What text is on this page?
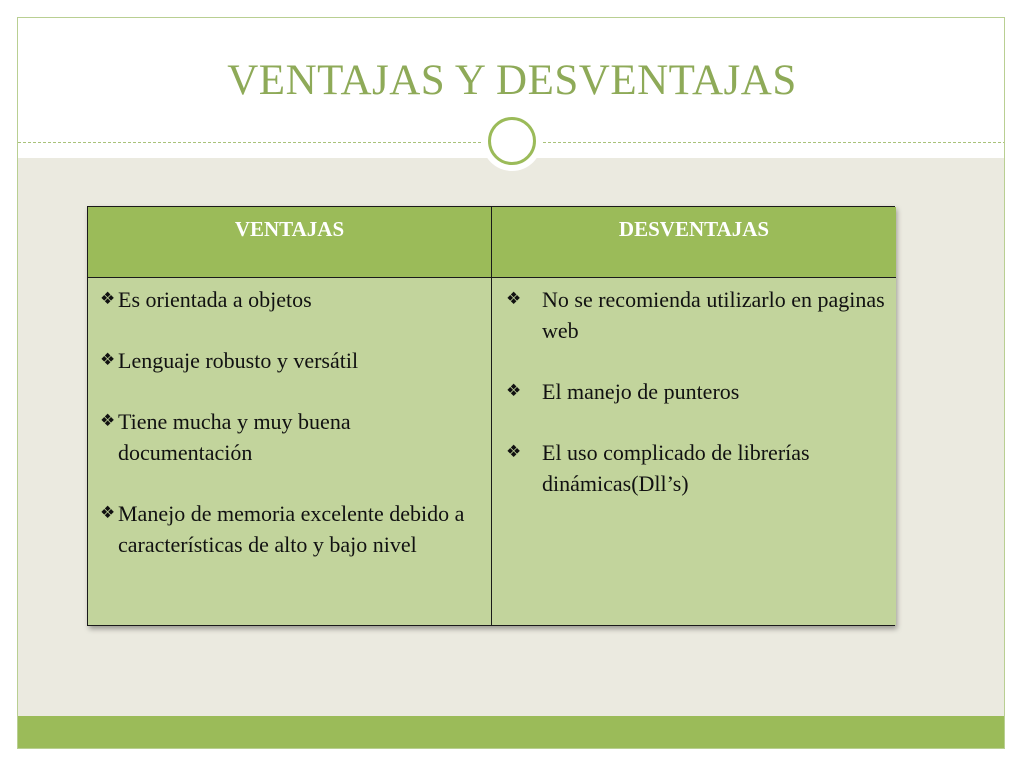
VENTAJAS Y DESVENTAJAS
VENTAJAS	DESVENTAJAS
❖ Es orientada a objetos
❖ Lenguaje robusto y versátil
❖ Tiene mucha y muy buena documentación
❖ Manejo de memoria excelente debido a características de alto y bajo nivel
❖ No se recomienda utilizarlo en paginas web
❖ El manejo de punteros
❖ El uso complicado de librerías dinámicas(Dll’s)
